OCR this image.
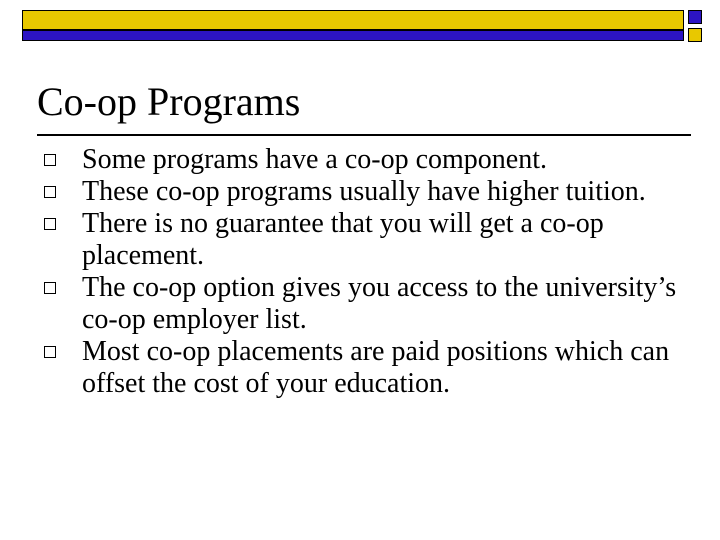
Co-op Programs
Some programs have a co-op component.
These co-op programs usually have higher tuition.
There is no guarantee that you will get a co-op placement.
The co-op option gives you access to the university’s co-op employer list.
Most co-op placements are paid positions which can offset the cost of your education.
